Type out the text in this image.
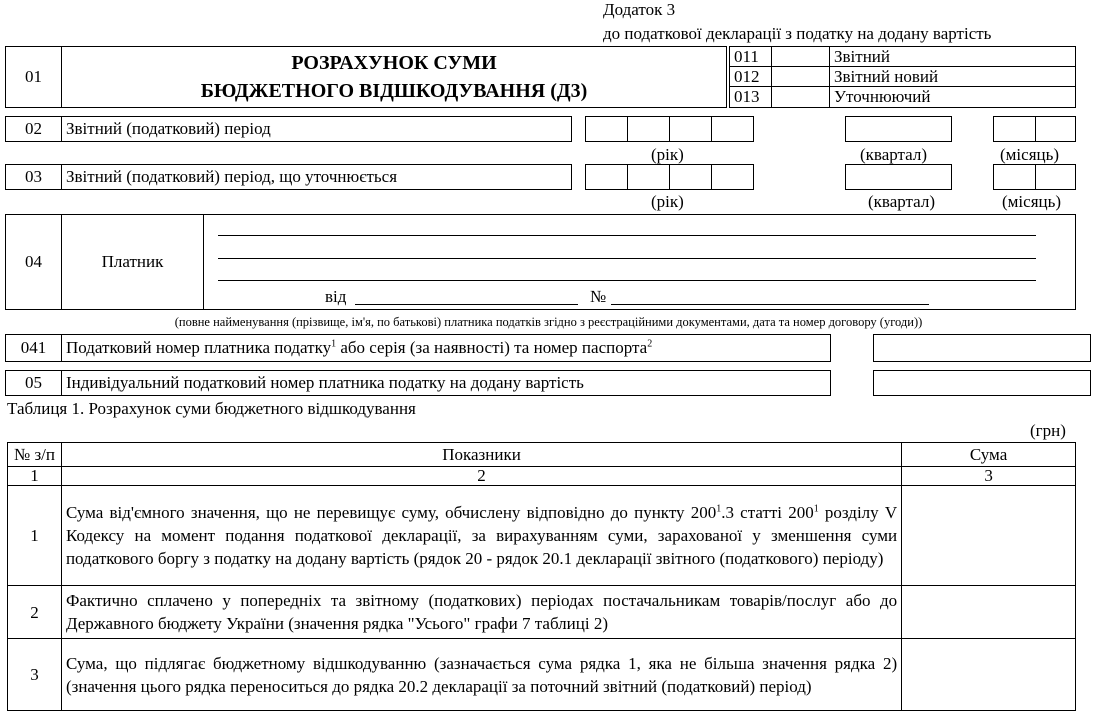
Додаток 3
до податкової декларації з податку на додану вартість
01
РОЗРАХУНОК СУМИ
БЮДЖЕТНОГО ВІДШКОДУВАННЯ (Д3)
011	Звітний
012	Звітний новий
013	Уточнюючий
02 Звітний (податковий) період
(рік)	(квартал)	(місяць)
03 Звітний (податковий) період, що уточнюється
(рік)	(квартал)	(місяць)
04	Платник
від	№
(повне найменування (прізвище, ім'я, по батькові) платника податків згідно з реєстраційними документами, дата та номер договору (угоди))
041 Податковий номер платника податку$^1$ або серія (за наявності) та номер паспорта$^2$
05 Індивідуальний податковий номер платника податку на додану вартість
Таблиця 1. Розрахунок суми бюджетного відшкодування
(грн)
№ з/п	Показники	Сума
1	2	3
1	Сума від'ємного значення, що не перевищує суму, обчислену відповідно до пункту $200^1.3$ статті $200^1$ розділу V Кодексу на момент подання податкової декларації, за вирахуванням суми, зарахованої у зменшення суми податкового боргу з податку на додану вартість (рядок 20 - рядок 20.1 декларації звітного (податкового) періоду)	
2	Фактично сплачено у попередніх та звітному (податкових) періодах постачальникам товарів/послуг або до Державного бюджету України (значення рядка "Усього" графи 7 таблиці 2)	
3	Сума, що підлягає бюджетному відшкодуванню (зазначається сума рядка 1, яка не більша значення рядка 2) (значення цього рядка переноситься до рядка 20.2 декларації за поточний звітний (податковий) період)	
